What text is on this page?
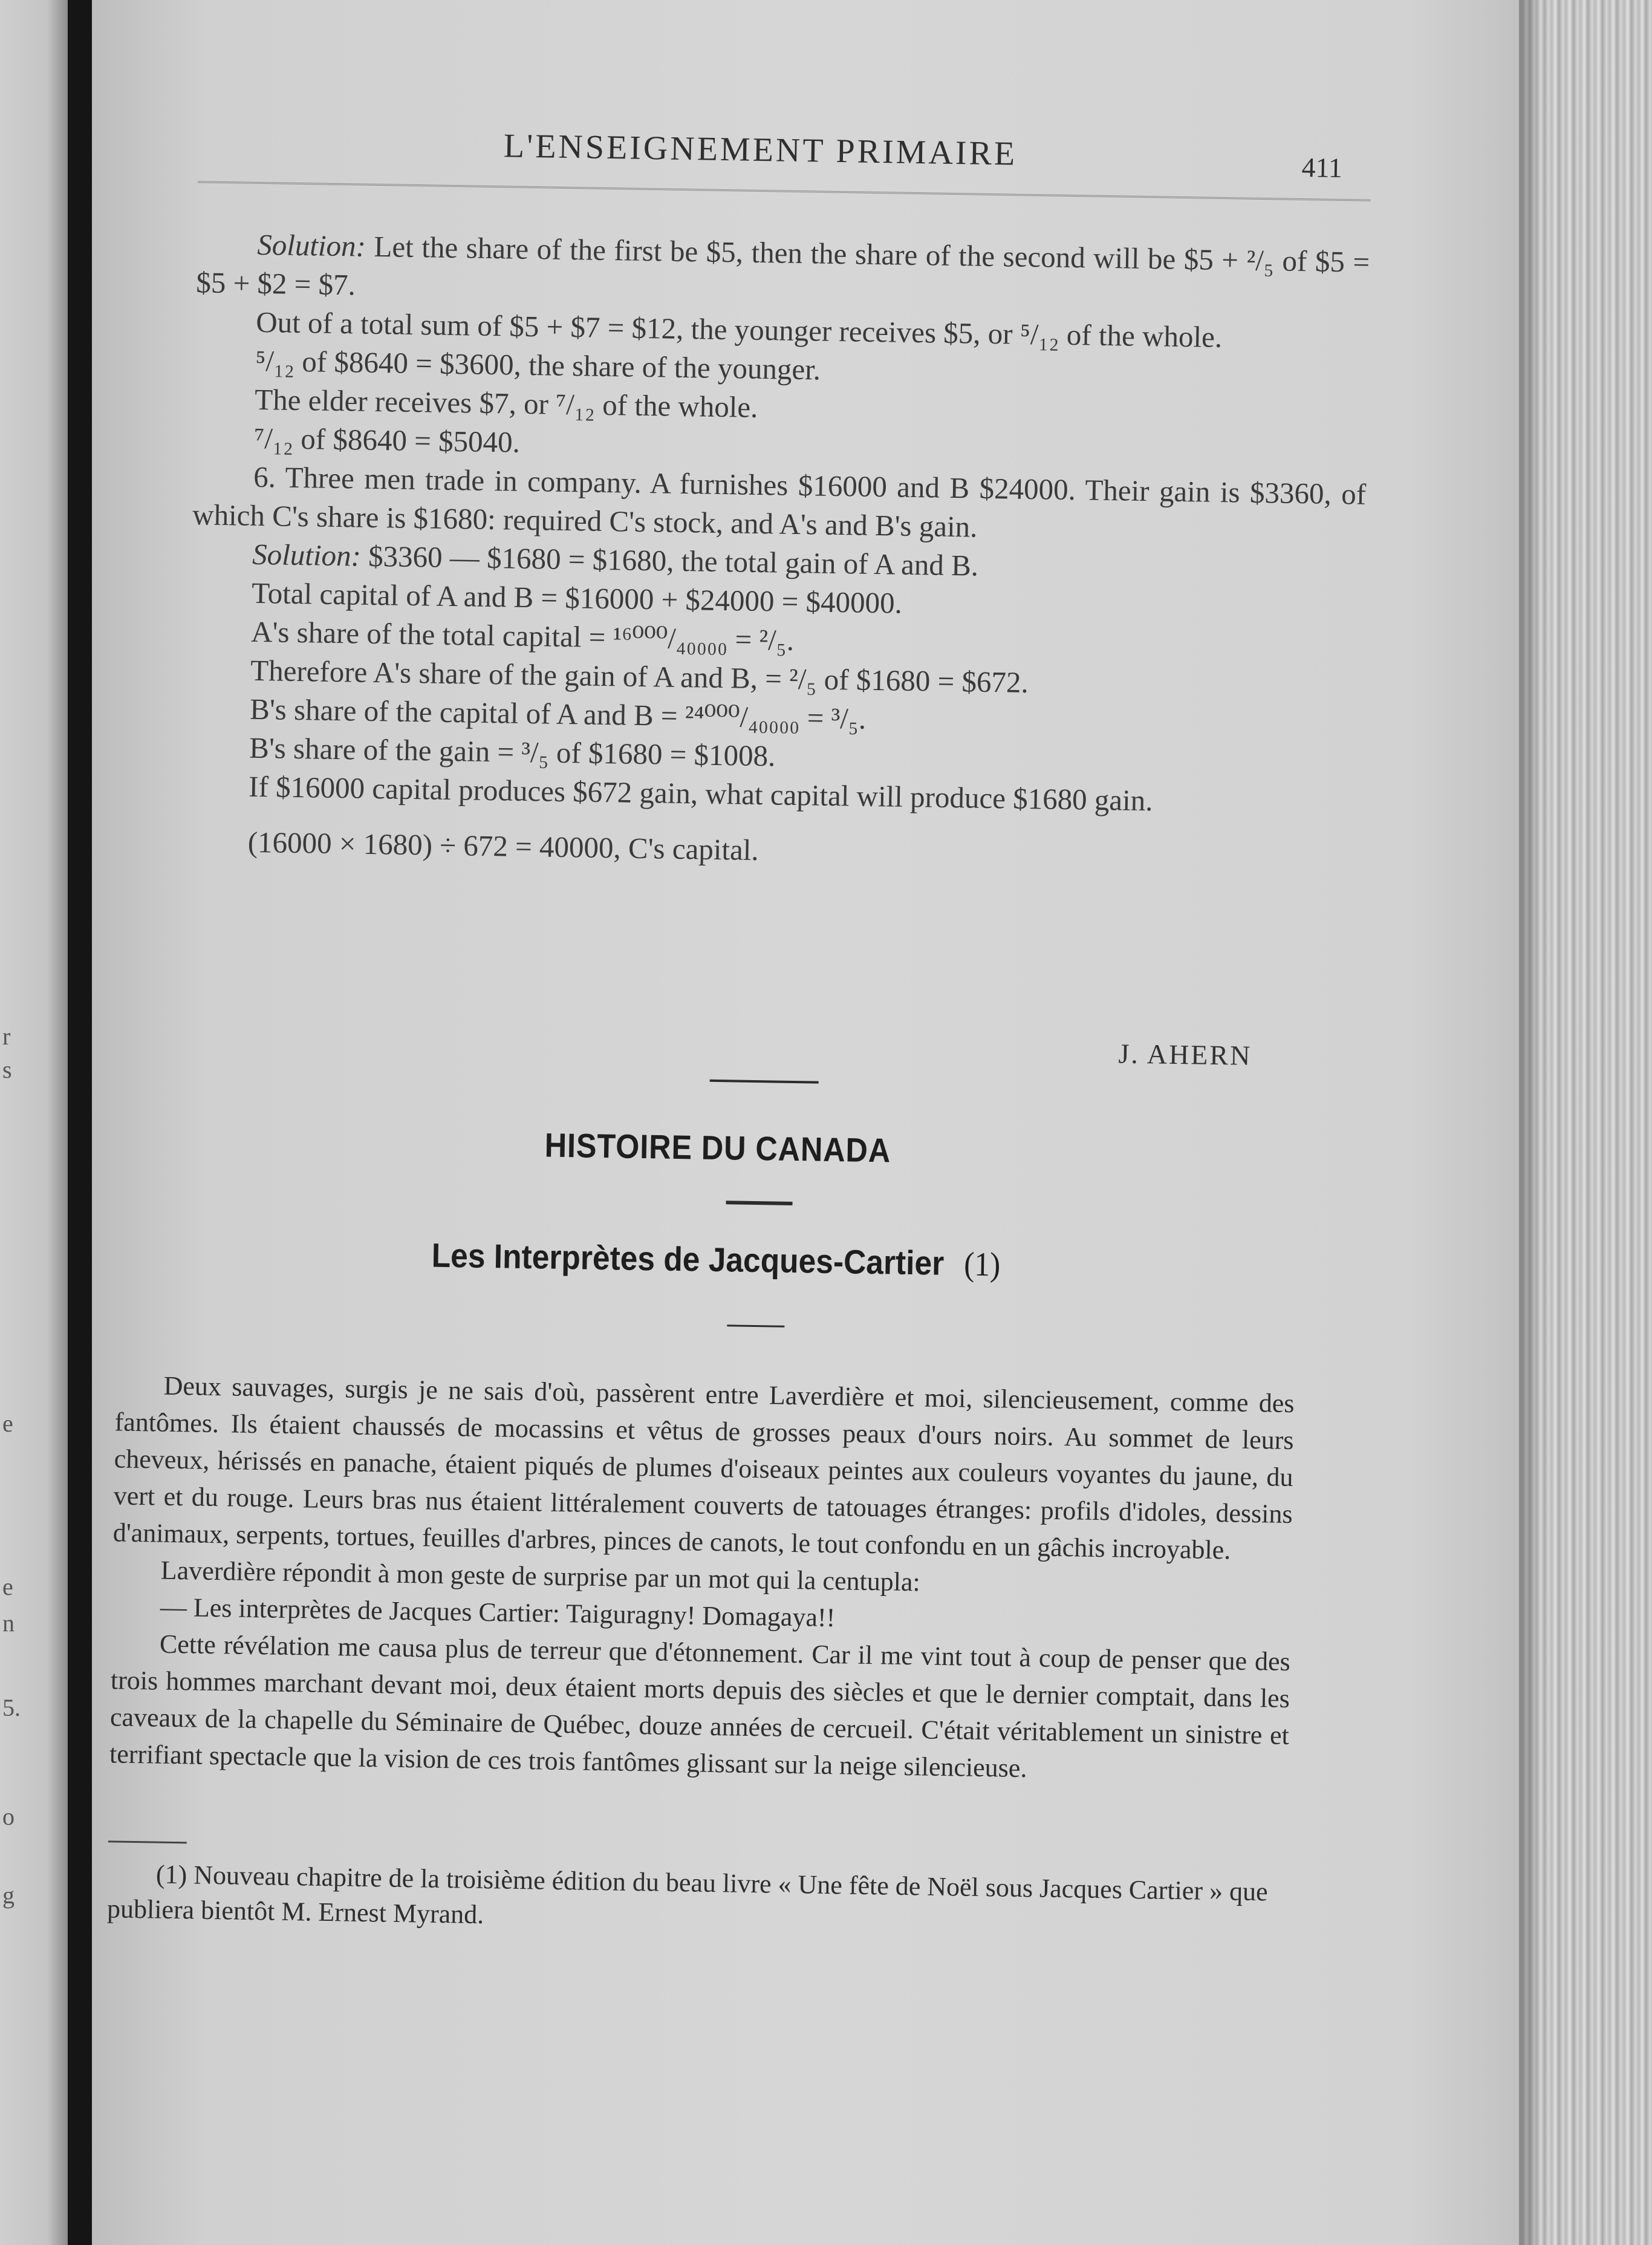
r
s
e
e
n
5.
o
g
L'ENSEIGNEMENT PRIMAIRE	411

Solution: Let the share of the first be $5, then the share of the second will be $5 + ²/₅ of $5 = $5 + $2 = $7.

Out of a total sum of $5 + $7 = $12, the younger receives $5, or ⁵/₁₂ of the whole.

⁵/₁₂ of $8640 = $3600, the share of the younger.

The elder receives $7, or ⁷/₁₂ of the whole.

⁷/₁₂ of $8640 = $5040.

6. Three men trade in company. A furnishes $16000 and B $24000. Their gain is $3360, of which C's share is $1680: required C's stock, and A's and B's gain.

Solution: $3360 — $1680 = $1680, the total gain of A and B.

Total capital of A and B = $16000 + $24000 = $40000.

A's share of the total capital = ¹⁶⁰⁰⁰/₄₀₀₀₀ = ²/₅.

Therefore A's share of the gain of A and B, = ²/₅ of $1680 = $672.

B's share of the capital of A and B = ²⁴⁰⁰⁰/₄₀₀₀₀ = ³/₅.

B's share of the gain = ³/₅ of $1680 = $1008.

If $16000 capital produces $672 gain, what capital will produce $1680 gain.

(16000 × 1680) ÷ 672 = 40000, C's capital.

J. AHERN
HISTOIRE DU CANADA
Les Interprètes de Jacques-Cartier (1)

Deux sauvages, surgis je ne sais d'où, passèrent entre Laverdière et moi, silencieusement, comme des fantômes. Ils étaient chaussés de mocassins et vêtus de grosses peaux d'ours noirs. Au sommet de leurs cheveux, hérissés en panache, étaient piqués de plumes d'oiseaux peintes aux couleurs voyantes du jaune, du vert et du rouge. Leurs bras nus étaient littéralement couverts de tatouages étranges: profils d'idoles, dessins d'animaux, serpents, tortues, feuilles d'arbres, pinces de canots, le tout confondu en un gâchis incroyable.

Laverdière répondit à mon geste de surprise par un mot qui la centupla:

— Les interprètes de Jacques Cartier: Taiguragny! Domagaya!!

Cette révélation me causa plus de terreur que d'étonnement. Car il me vint tout à coup de penser que des trois hommes marchant devant moi, deux étaient morts depuis des siècles et que le dernier comptait, dans les caveaux de la chapelle du Séminaire de Québec, douze années de cercueil. C'était véritablement un sinistre et terrifiant spectacle que la vision de ces trois fantômes glissant sur la neige silencieuse.

(1) Nouveau chapitre de la troisième édition du beau livre « Une fête de Noël sous Jacques Cartier » que publiera bientôt M. Ernest Myrand.
